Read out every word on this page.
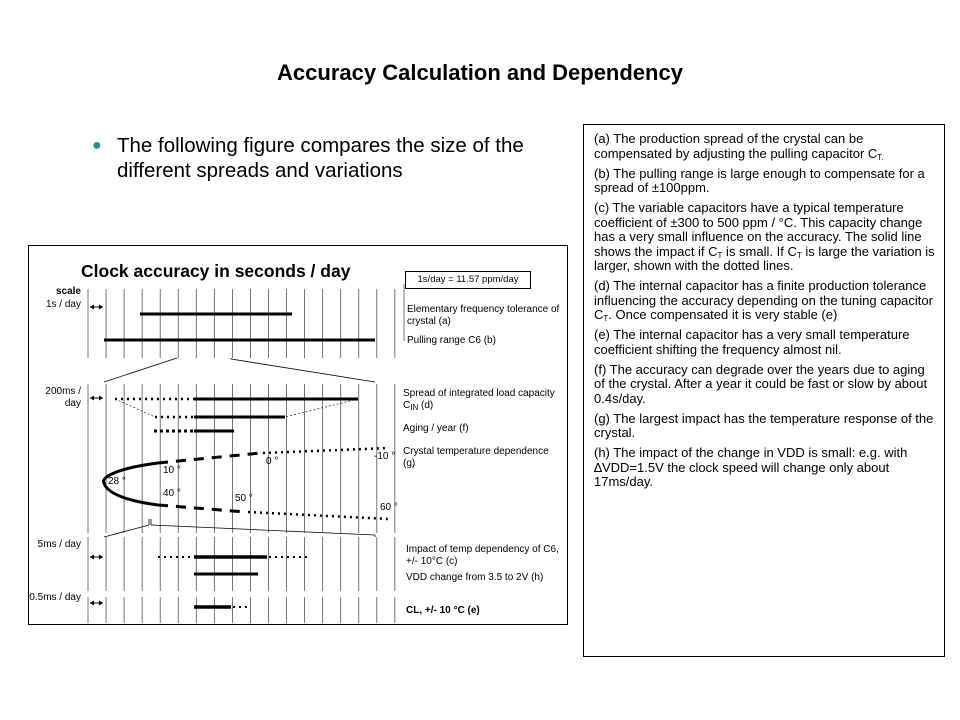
Accuracy Calculation and Dependency
● The following figure compares the size of the different spreads and variations
Clock accuracy in seconds / day	1s/day = 11.57 ppm/day
scale
1s / day
200ms / day
5ms / day
0.5ms / day
Elementary frequency tolerance of crystal (a)
Pulling range C6 (b)
Spread of integrated load capacity $C_{IN}$ (d)
Aging / year (f)
Crystal temperature dependence (g)
Impact of temp dependency of C6, +/- 10°C (c)
VDD change from 3.5 to 2V (h)
CL, +/- 10 °C (e)
-10 °
0 °
10 °
28 °
40 °	50 °
60 °

(a) The production spread of the crystal can be compensated by adjusting the pulling capacitor $C_{T.}$

(b) The pulling range is large enough to compensate for a spread of ±100ppm.

(c) The variable capacitors have a typical temperature coefficient of ±300 to 500 ppm / °C. This capacity change has a very small influence on the accuracy. The solid line shows the impact if $C_T$ is small. If $C_T$ is large the variation is larger, shown with the dotted lines.

(d) The internal capacitor has a finite production tolerance influencing the accuracy depending on the tuning capacitor $C_T$. Once compensated it is very stable (e)

(e) The internal capacitor has a very small temperature coefficient shifting the frequency almost nil.

(f) The accuracy can degrade over the years due to aging of the crystal. After a year it could be fast or slow by about 0.4s/day.

(g) The largest impact has the temperature response of the crystal.

(h) The impact of the change in VDD is small: e.g. with ∆VDD=1.5V the clock speed will change only about 17ms/day.
